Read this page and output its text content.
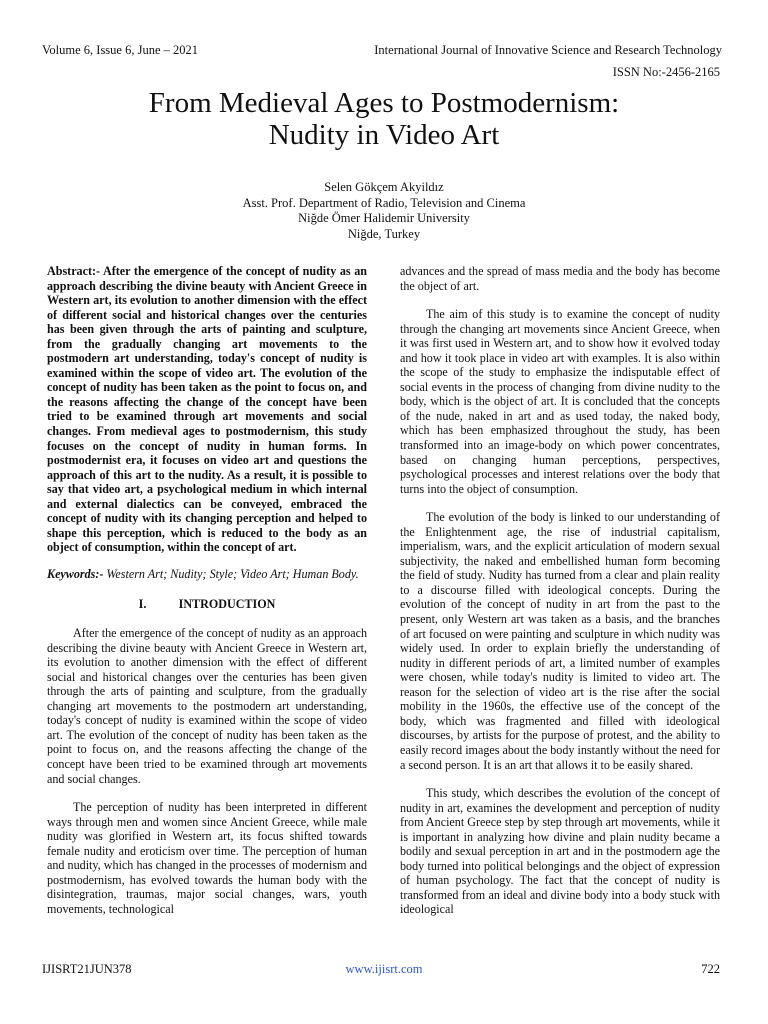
Volume 6, Issue 6, June – 2021	International Journal of Innovative Science and Research Technology
ISSN No:-2456-2165
From Medieval Ages to Postmodernism:
Nudity in Video Art
Selen Gökçem Akyildız
Asst. Prof. Department of Radio, Television and Cinema
Niğde Ömer Halidemir University
Niğde, Turkey

Abstract:- After the emergence of the concept of nudity as an approach describing the divine beauty with Ancient Greece in Western art, its evolution to another dimension with the effect of different social and historical changes over the centuries has been given through the arts of painting and sculpture, from the gradually changing art movements to the postmodern art understanding, today's concept of nudity is examined within the scope of video art. The evolution of the concept of nudity has been taken as the point to focus on, and the reasons affecting the change of the concept have been tried to be examined through art movements and social changes. From medieval ages to postmodernism, this study focuses on the concept of nudity in human forms. In postmodernist era, it focuses on video art and questions the approach of this art to the nudity. As a result, it is possible to say that video art, a psychological medium in which internal and external dialectics can be conveyed, embraced the concept of nudity with its changing perception and helped to shape this perception, which is reduced to the body as an object of consumption, within the concept of art.

Keywords:- Western Art; Nudity; Style; Video Art; Human Body.

I.	INTRODUCTION

After the emergence of the concept of nudity as an approach describing the divine beauty with Ancient Greece in Western art, its evolution to another dimension with the effect of different social and historical changes over the centuries has been given through the arts of painting and sculpture, from the gradually changing art movements to the postmodern art understanding, today's concept of nudity is examined within the scope of video art. The evolution of the concept of nudity has been taken as the point to focus on, and the reasons affecting the change of the concept have been tried to be examined through art movements and social changes.

The perception of nudity has been interpreted in different ways through men and women since Ancient Greece, while male nudity was glorified in Western art, its focus shifted towards female nudity and eroticism over time. The perception of human and nudity, which has changed in the processes of modernism and postmodernism, has evolved towards the human body with the disintegration, traumas, major social changes, wars, youth movements, technological

advances and the spread of mass media and the body has become the object of art.

The aim of this study is to examine the concept of nudity through the changing art movements since Ancient Greece, when it was first used in Western art, and to show how it evolved today and how it took place in video art with examples. It is also within the scope of the study to emphasize the indisputable effect of social events in the process of changing from divine nudity to the body, which is the object of art. It is concluded that the concepts of the nude, naked in art and as used today, the naked body, which has been emphasized throughout the study, has been transformed into an image-body on which power concentrates, based on changing human perceptions, perspectives, psychological processes and interest relations over the body that turns into the object of consumption.

The evolution of the body is linked to our understanding of the Enlightenment age, the rise of industrial capitalism, imperialism, wars, and the explicit articulation of modern sexual subjectivity, the naked and embellished human form becoming the field of study. Nudity has turned from a clear and plain reality to a discourse filled with ideological concepts. During the evolution of the concept of nudity in art from the past to the present, only Western art was taken as a basis, and the branches of art focused on were painting and sculpture in which nudity was widely used. In order to explain briefly the understanding of nudity in different periods of art, a limited number of examples were chosen, while today's nudity is limited to video art. The reason for the selection of video art is the rise after the social mobility in the 1960s, the effective use of the concept of the body, which was fragmented and filled with ideological discourses, by artists for the purpose of protest, and the ability to easily record images about the body instantly without the need for a second person. It is an art that allows it to be easily shared.

This study, which describes the evolution of the concept of nudity in art, examines the development and perception of nudity from Ancient Greece step by step through art movements, while it is important in analyzing how divine and plain nudity became a bodily and sexual perception in art and in the postmodern age the body turned into political belongings and the object of expression of human psychology. The fact that the concept of nudity is transformed from an ideal and divine body into a body stuck with ideological

IJISRT21JUN378	www.ijisrt.com	722
